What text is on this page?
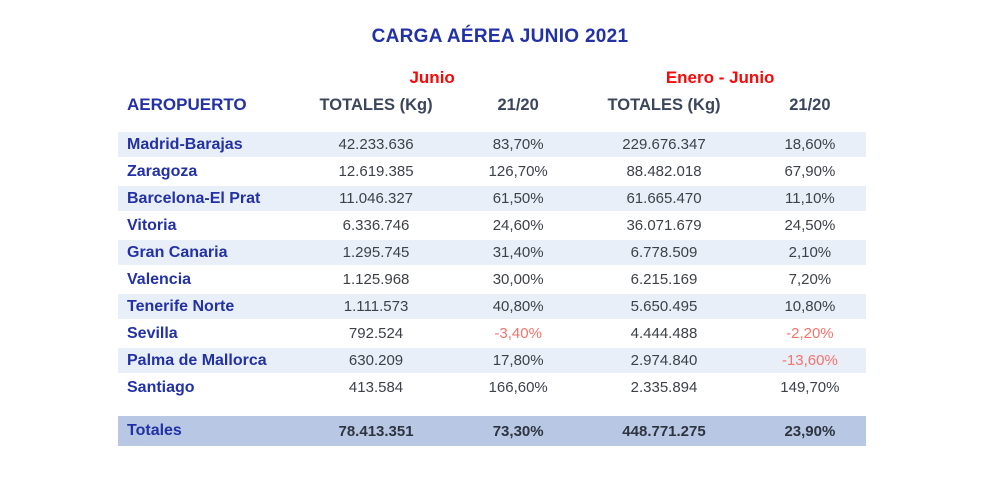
CARGA AÉREA JUNIO 2021
	Junio		Enero - Junio	
AEROPUERTO	TOTALES (Kg)	21/20	TOTALES (Kg)	21/20
Madrid-Barajas	42.233.636	83,70%	229.676.347	18,60%
Zaragoza	12.619.385	126,70%	88.482.018	67,90%
Barcelona-El Prat	11.046.327	61,50%	61.665.470	11,10%
Vitoria	6.336.746	24,60%	36.071.679	24,50%
Gran Canaria	1.295.745	31,40%	6.778.509	2,10%
Valencia	1.125.968	30,00%	6.215.169	7,20%
Tenerife Norte	1.111.573	40,80%	5.650.495	10,80%
Sevilla	792.524	-3,40%	4.444.488	-2,20%
Palma de Mallorca	630.209	17,80%	2.974.840	-13,60%
Santiago	413.584	166,60%	2.335.894	149,70%
Totales	78.413.351	73,30%	448.771.275	23,90%
